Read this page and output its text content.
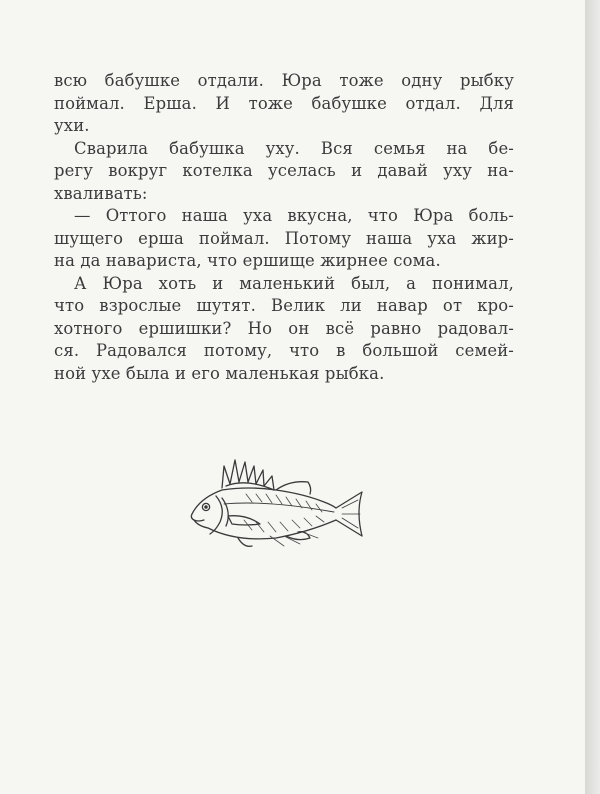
всю бабушке отдали. Юра тоже одну рыбку
поймал. Ерша. И тоже бабушке отдал. Для
ухи.

Сварила бабушка уху. Вся семья на бе-
регу вокруг котелка уселась и давай уху на-
хваливать:

— Оттого наша уха вкусна, что Юра боль-
шущего ерша поймал. Потому наша уха жир-
на да навариста, что ершище жирнее сома.

А Юра хоть и маленький был, а понимал,
что взрослые шутят. Велик ли навар от кро-
хотного ершишки? Но он всё равно радовал-
ся. Радовался потому, что в большой семей-
ной ухе была и его маленькая рыбка.
